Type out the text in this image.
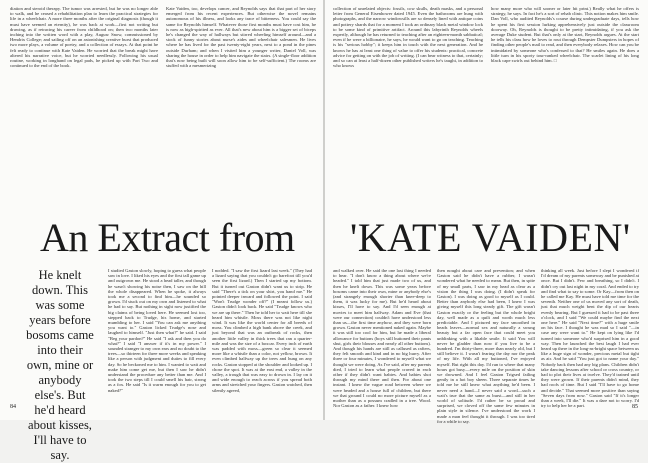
diation and steroid therapy. The tumor was arrested, but he was no longer able to walk, and he ceased a rehabilitation plan to learn the practical strategies for life in a wheelchair. A more three months after the original diagnosis (though it must have seemed an eternity), he was back at work—first not writing but drawing, as if retracing his career from childhood on; then two months later inching into the written word with a play, Augusr Snow, commissioned by Hendrix College; and sailing off on an astonishing creative burst that produced two more plays, a volume of poetry, and a collection of essays. At that point he felt ready to continue with Kate Vaiden. He worried that the break might have altered his narrative voice, but he worried needlessly. Following his usual routine, working in longhand on legal pads, he picked up with Part Two and continued to the end of the book.

Kate Vaiden, too, develops cancer, and Reynolds says that that part of her story emerged from his recent experiences. But otherwise the novel remains autonomous of his illness, and looks any trace of bitterness. You could say the same for Reynolds himself. Whatever those first months must have cost him, he is now as high-spirited as ever. All that's new about him is a bigger set of biceps he's changed the way of hallways but stirred wheeling himself around—and a stock of funny stories about nurse's aides and wheelchair salesmen. He lives where he has lived for the past twenty-eight years, next to a pond in the pines outside Durham; and when I visited him a younger writer, Daniel Voll, was sharing the house in order to help him navigate the stairs. (A single-floor addition that's now being built will soon allow him to be self-sufficient.) The rooms are stuffed with a mesmerizing

An Extract from
He knelt down. This was some years before bosoms came into their own, mine or anybody else's. But he'd heard about kisses, I'll have to say.

I studied Gaston slowly, hoping to guess what people saw in love. I liked his eyes and the first tall game up and outgrown me. He stood a head taller, and though he wasn't showing his noise then, I saw on the hill the whole disappeared. When he spoke, it always took me a second to find him—he sounded so grown. I'd stuck out on my own and listened to what he had to say. But nothing in sight now justified the big claims of being loved here. He seemed lost too, stepped back to Trudge, his home, and started mumbling to her. I said "You can ask me anything you want to." Gaston licked Trudge's nose and laughed to himself. "Just then what?" he said. I said "Beg your pardon?" He said "I ask and then you do what?" I said "I answer if it's in my power." I sounded stranger to my own ears and no doubt to the trees—so thirteen for three more weeks and speaking like a person with judgment and duties to fill every day. So he beckoned me to him. I wanted to wait and make him come get me, but then I saw he didn't understand the procedure any better than me. And I took the two steps till I could smell his hair, strong as a fox. He said "Is it warm enough for you to get naked?"

I nodded. "I saw the first lizard last week." (They had a lizard saying that you couldn't go barefoot till you'd seen the first lizard.) Then I started up my bottom. But it turned out Gaston didn't want us to strip. He said "There's a tick on your shirt, you hand me." He pointed deeper inward and followed the point. I said "Won't Trudge wonder off?" (I meant follow us.) Gaston didn't look back. He said "Trudge knows who we are up there." Then he told her to wait here till she heard him whistle. Moss there was not like night wind. It was like the world center for all breeds of moss. You climbed a high bank above the creek, and just beyond that was an outbreak of rocks, then another little valley in thick trees that ran a quarter-mile and was the size of a boxcar. Every inch of earth was padded with moss—green so clear it seemed more like a whistle than a color, not yellow, brown. It even climbed halfway up the trees and hung on any rocks. Gaston stopped at the shoulder and looked up. I chose the spot. It was at the east end, a valley in the valley, a trough that was easy to drown in. I lay on it and wide enough to reach across if you spread both arms and stretched your fingers. Gaston watched, then silently agreed,

84

collection of unrelated objects: fossils, cow skulls, death masks, and a personal letter from General Eisenhower dated 1945. Even the bathrooms are hung with photographs, and the narrow windowsills are so densely lined with antique coins and pottery shards that for a moment I took an ordinary black metal window lock to be some kind of primitive artifact. Around this labyrinth Reynolds wheels expertly, although he has returned to teaching after an eighteen-month sabbatical; even if he were a billionaire, he says, he would want to go on teaching. Teaching is his "serious hobby"; it keeps him in touch with the next generation. And he knows he has at least one thing of value to offer his students: practical, concrete advice for getting on with the job of writing. (I can bear witness to that, certainly; and so can at least a half-dozen other published writers he's taught, in addition to who knows

how many more who will sooner or later hit print.) Really what he offers is strategy, he says. In fact he's a sort of rehab clinic. This notion makes him smile. Dan Voll, who audited Reynolds's course during undergraduate days, tells how he spent his first session lurking apprehensively just outside the classroom doorway. Oh, Reynolds is thought to be pretty intimidating, if you ask the average Duke student. But that's only at the start, Reynolds argues. At the start he tells his class how he loves to rout through Dempster Dumpsters in hopes of finding other people's mail to read, and then everybody relaxes. How can you be intimidated by someone who's confessed to that? He smiles again. He does a little turn in his sporty tour-ranked wheelchair. The scarlet lining of his long black cape swirls out behind him. □

'KATE VAIDEN'

and walked over. He said the one last thing I needed to hear. "I don't know a thing about where we're headed." I told him that just made two of us, and then he knelt down. This was some years before bosoms came into their own, mine or anybody else's (and strangely enough shorter than knee-deep to them, it was lucky for me). But he'd heard about kisses, I'll have to say. And I'd seen enough at movies to meet him halfway. Adam and Eve (that were our connection) couldn't have understood less than us—the first time anyhow, and they were born grown. Gaston never mentioned naked again. Maybe it was still too cool for him, but he made a liberal allowance for buttons (boys still buttoned their pants shut, girls their blouses and nearly all other buttons). And though his hands are still as callused as rafters, they felt smooth and kind and in no big hurry. After three or four minutes, I wondered to myself what we thought we were doing. As I've said, after my parents died, I tried to learn what people craved in each other if they didn't want babies. And babies shot through my mind there and then. For about one instant. I knew the vague road between where we were headed and a house full of children, but there we that ground I could no more picture myself as a mother than as a possum cradled in a tree. Wood. Nor Gaston as a father. I knew how

then nought about care and prevention; and when Gaston said he didn't have a rubber, I wasn't wondered what he needed to mean. But then, in spite of my small parts, I saw in my head as clear as a vision the thing I was doing. (I didn't speak for Gaston). I was doing as good to myself as I could. Better than anybody else had been, I knew I was giving myself this long steady gift. The gift wasn't Gaston exactly or the feeling but the whole bright day, well made as a quilt and worth much less predictable. And I pictured my face smoothed in beads leaves—normal sex and naturally a swung beauty but a far open face that could meet you unblinking with a likable smile. It said You will never be gladder than now if you live to be a hundred. I'm thirty-three, more than nearly old, but I still believe it. I wasn't fearing the day nor the peak of my life. With all my buttoned, I've enjoyed myself. But right this day. I'd run to where that many hours got busy—every mile on the position of skin we drowned. And I feel Gaston Trigsed failing gently in a hot boy sheen. Three separate times he told me he still knew what anything he'd been. I never need a hand—I never said a word—such a wait's true that the same as burst—and still in her world of solitude. I'd rather be so proud and surprised, we cloved off the same few minutes in plain style in silence. I've understood the work I made a man feel thought it through. I was too tired for a while to say.

thinking all week. Just before I slept I wondered if I'd dream of my parents someway and be punished at once. But I didn't. Few and breathing, so I didn't. I didn't cry out last night in my coral. And ended to try and find what to say to some. Or Kay—from then on he called me Kay. He must have told me time for the seventh. Neither one of us moved any sort of death, just that much weight bent the dip of our hearts evenly bearing. But I guessed it had to be past three o'clock, and I said "We could maybe find the next one here." He said "Next time?" with a huge smile on his face. I thought he was mad so I said "—in case any were want to." He kept on lying like I'd turned into someone who'd surprised him in a good way. Then he launched the best laugh I had ever heard up there in the long-as-bright space between us like a huge sign of wonder, precious metal but tight as air. And he said "You just got to name your day." Nobody back then had any big plans. Children didn't take dancing lessons after school or cross country, or had to plot their lives at twelve. They'd trained until they were grown. If their parents didn't mind, they had roofs of time. But I said "I'll have to go home and decide." That seemed more positive than saying "Seven days from now." Gaston said "If it's longer than a week, I'll die." It was a dare not to worry. I'd try to help her be a part.	85
